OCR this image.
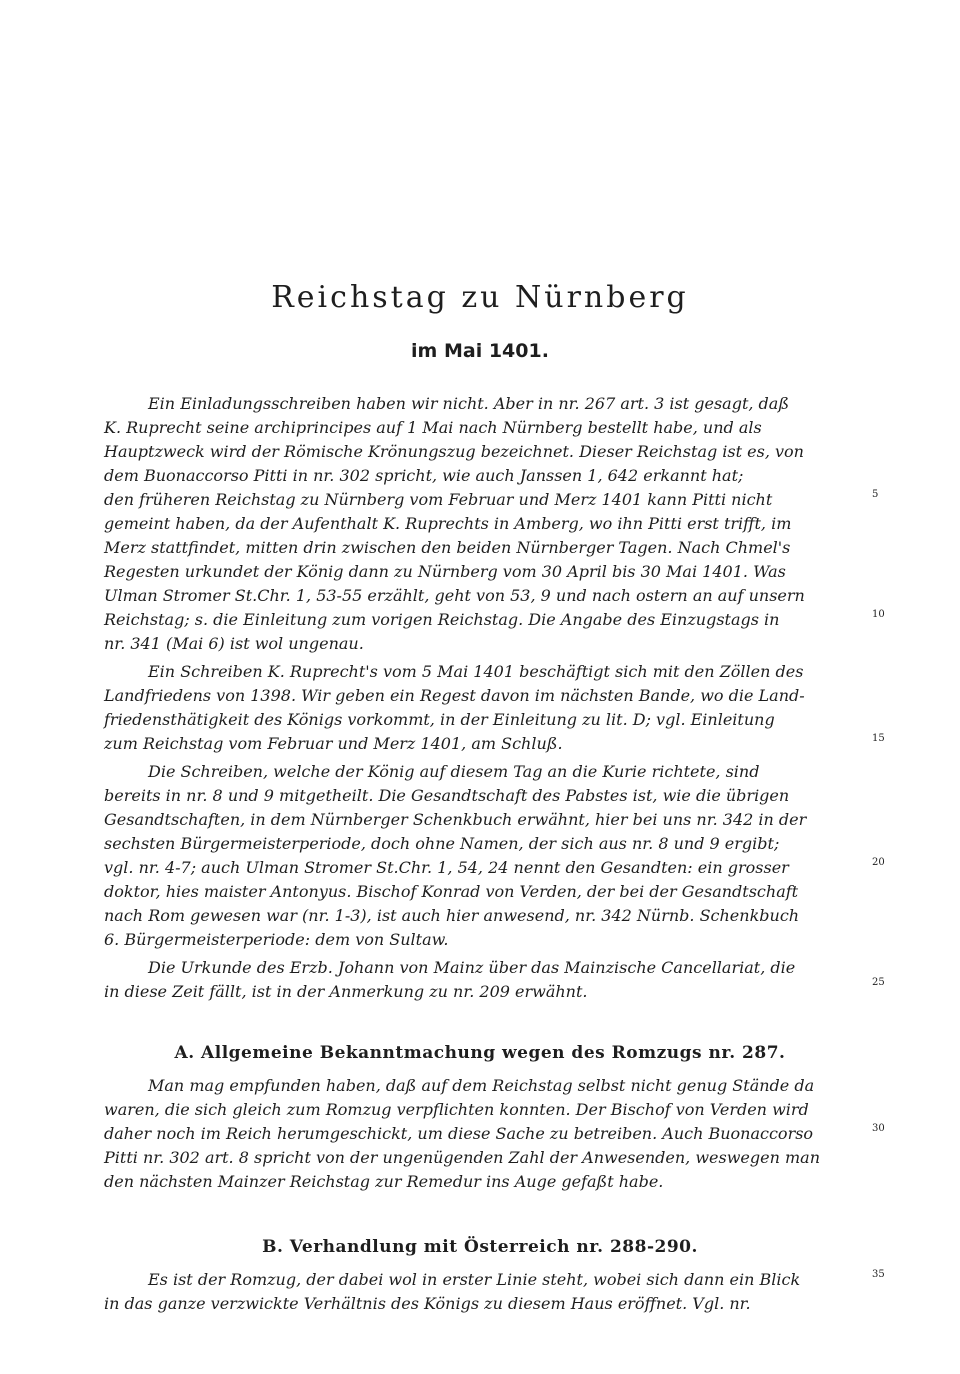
Reichstag zu Nürnberg
im Mai 1401.
Ein Einladungsschreiben haben wir nicht. Aber in nr. 267 art. 3 ist gesagt, daß
K. Ruprecht seine archiprincipes auf 1 Mai nach Nürnberg bestellt habe, und als
Hauptzweck wird der Römische Krönungszug bezeichnet. Dieser Reichstag ist es, von
dem Buonaccorso Pitti in nr. 302 spricht, wie auch Janssen 1, 642 erkannt hat;
den früheren Reichstag zu Nürnberg vom Februar und Merz 1401 kann Pitti nicht
gemeint haben, da der Aufenthalt K. Ruprechts in Amberg, wo ihn Pitti erst trifft, im
Merz stattfindet, mitten drin zwischen den beiden Nürnberger Tagen. Nach Chmel's
Regesten urkundet der König dann zu Nürnberg vom 30 April bis 30 Mai 1401. Was
Ulman Stromer St.Chr. 1, 53-55 erzählt, geht von 53, 9 und nach ostern an auf unsern
Reichstag; s. die Einleitung zum vorigen Reichstag. Die Angabe des Einzugstags in
nr. 341 (Mai 6) ist wol ungenau.
Ein Schreiben K. Ruprecht's vom 5 Mai 1401 beschäftigt sich mit den Zöllen des
Landfriedens von 1398. Wir geben ein Regest davon im nächsten Bande, wo die Land-
friedensthätigkeit des Königs vorkommt, in der Einleitung zu lit. D; vgl. Einleitung
zum Reichstag vom Februar und Merz 1401, am Schluß.
Die Schreiben, welche der König auf diesem Tag an die Kurie richtete, sind
bereits in nr. 8 und 9 mitgetheilt. Die Gesandtschaft des Pabstes ist, wie die übrigen
Gesandtschaften, in dem Nürnberger Schenkbuch erwähnt, hier bei uns nr. 342 in der
sechsten Bürgermeisterperiode, doch ohne Namen, der sich aus nr. 8 und 9 ergibt;
vgl. nr. 4-7; auch Ulman Stromer St.Chr. 1, 54, 24 nennt den Gesandten: ein grosser
doktor, hies maister Antonyus. Bischof Konrad von Verden, der bei der Gesandtschaft
nach Rom gewesen war (nr. 1-3), ist auch hier anwesend, nr. 342 Nürnb. Schenkbuch
6. Bürgermeisterperiode: dem von Sultaw.
Die Urkunde des Erzb. Johann von Mainz über das Mainzische Cancellariat, die
in diese Zeit fällt, ist in der Anmerkung zu nr. 209 erwähnt.
A. Allgemeine Bekanntmachung wegen des Romzugs nr. 287.
Man mag empfunden haben, daß auf dem Reichstag selbst nicht genug Stände da
waren, die sich gleich zum Romzug verpflichten konnten. Der Bischof von Verden wird
daher noch im Reich herumgeschickt, um diese Sache zu betreiben. Auch Buonaccorso
Pitti nr. 302 art. 8 spricht von der ungenügenden Zahl der Anwesenden, weswegen man
den nächsten Mainzer Reichstag zur Remedur ins Auge gefaßt habe.
B. Verhandlung mit Österreich nr. 288-290.
Es ist der Romzug, der dabei wol in erster Linie steht, wobei sich dann ein Blick
in das ganze verzwickte Verhältnis des Königs zu diesem Haus eröffnet. Vgl. nr.
5
10
15
20
25
30
35
